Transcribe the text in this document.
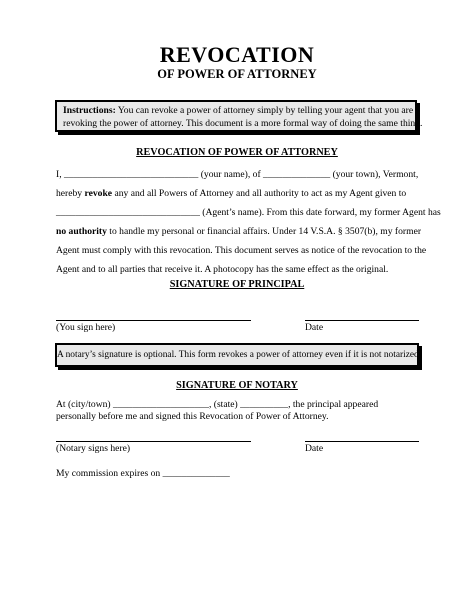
REVOCATION
OF POWER OF ATTORNEY
Instructions: You can revoke a power of attorney simply by telling your agent that you are
revoking the power of attorney. This document is a more formal way of doing the same thing.
REVOCATION OF POWER OF ATTORNEY

I, ____________________________ (your name), of ______________ (your town), Vermont,

hereby revoke any and all Powers of Attorney and all authority to act as my Agent given to

______________________________ (Agent’s name). From this date forward, my former Agent has

no authority to handle my personal or financial affairs. Under 14 V.S.A. § 3507(b), my former

Agent must comply with this revocation. This document serves as notice of the revocation to the

Agent and to all parties that receive it. A photocopy has the same effect as the original.

SIGNATURE OF PRINCIPAL
(You sign here)	Date
A notary’s signature is optional. This form revokes a power of attorney even if it is not notarized.
SIGNATURE OF NOTARY
At (city/town) ____________________, (state) __________, the principal appeared
personally before me and signed this Revocation of Power of Attorney.
(Notary signs here)	Date
My commission expires on ______________
